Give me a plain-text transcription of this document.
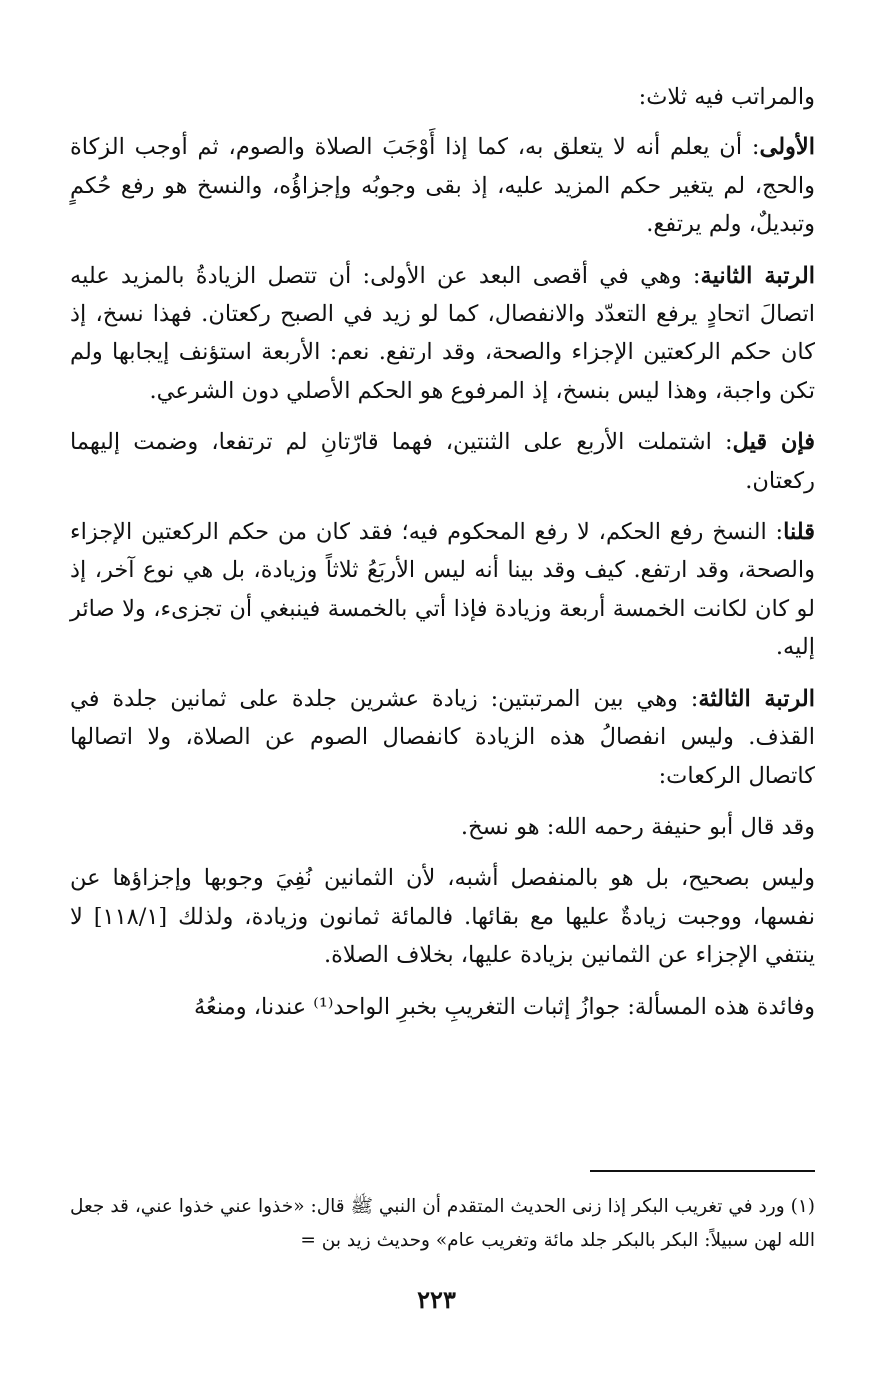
والمراتب فيه ثلاث:

الأولى: أن يعلم أنه لا يتعلق به، كما إذا أَوْجَبَ الصلاة والصوم، ثم أوجب الزكاة والحج، لم يتغير حكم المزيد عليه، إذ بقى وجوبُه وإجزاؤُه، والنسخ هو رفع حُكمٍ وتبديلٌ، ولم يرتفع.

الرتبة الثانية: وهي في أقصى البعد عن الأولى: أن تتصل الزيادةُ بالمزيد عليه اتصالَ اتحادٍ يرفع التعدّد والانفصال، كما لو زيد في الصبح ركعتان. فهذا نسخ، إذ كان حكم الركعتين الإجزاء والصحة، وقد ارتفع. نعم: الأربعة استؤنف إيجابها ولم تكن واجبة، وهذا ليس بنسخ، إذ المرفوع هو الحكم الأصلي دون الشرعي.

فإن قيل: اشتملت الأربع على الثنتين، فهما قارّتانِ لم ترتفعا، وضمت إليهما ركعتان.

قلنا: النسخ رفع الحكم، لا رفع المحكوم فيه؛ فقد كان من حكم الركعتين الإجزاء والصحة، وقد ارتفع. كيف وقد بينا أنه ليس الأربَعُ ثلاثاً وزيادة، بل هي نوع آخر، إذ لو كان لكانت الخمسة أربعة وزيادة فإذا أتي بالخمسة فينبغي أن تجزىء، ولا صائر إليه.

الرتبة الثالثة: وهي بين المرتبتين: زيادة عشرين جلدة على ثمانين جلدة في القذف. وليس انفصالُ هذه الزيادة كانفصال الصوم عن الصلاة، ولا اتصالها كاتصال الركعات:

وقد قال أبو حنيفة رحمه الله: هو نسخ.

وليس بصحيح، بل هو بالمنفصل أشبه، لأن الثمانين نُفِيَ وجوبها وإجزاؤها عن نفسها، ووجبت زيادةٌ عليها مع بقائها. فالمائة ثمانون وزيادة، ولذلك [١١٨/١] لا ينتفي الإجزاء عن الثمانين بزيادة عليها، بخلاف الصلاة.

وفائدة هذه المسألة: جوازُ إثبات التغريبِ بخبرِ الواحد⁽¹⁾ عندنا، ومنعُهُ

(١) ورد في تغريب البكر إذا زنى الحديث المتقدم أن النبي ﷺ قال: «خذوا عني خذوا عني، قد جعل الله لهن سبيلاً: البكر بالبكر جلد مائة وتغريب عام» وحديث زيد بن =

٢٢٣
